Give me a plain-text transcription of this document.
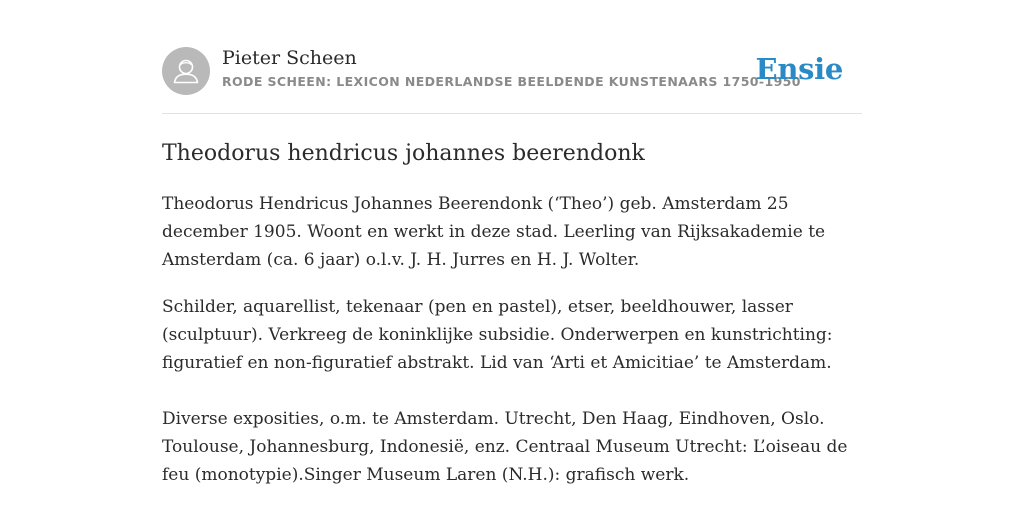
Pieter Scheen
RODE SCHEEN: LEXICON NEDERLANDSE BEELDENDE KUNSTENAARS 1750-1950
Ensie
Theodorus hendricus johannes beerendonk

Theodorus Hendricus Johannes Beerendonk (‘Theo’) geb. Amsterdam 25
december 1905. Woont en werkt in deze stad. Leerling van Rijksakademie te
Amsterdam (ca. 6 jaar) o.l.v. J. H. Jurres en H. J. Wolter.

Schilder, aquarellist, tekenaar (pen en pastel), etser, beeldhouwer, lasser
(sculptuur). Verkreeg de koninklijke subsidie. Onderwerpen en kunstrichting:
figuratief en non-figuratief abstrakt. Lid van ‘Arti et Amicitiae’ te Amsterdam.

Diverse exposities, o.m. te Amsterdam. Utrecht, Den Haag, Eindhoven, Oslo.
Toulouse, Johannesburg, Indonesië, enz. Centraal Museum Utrecht: L’oiseau de
feu (monotypie).Singer Museum Laren (N.H.): grafisch werk.
